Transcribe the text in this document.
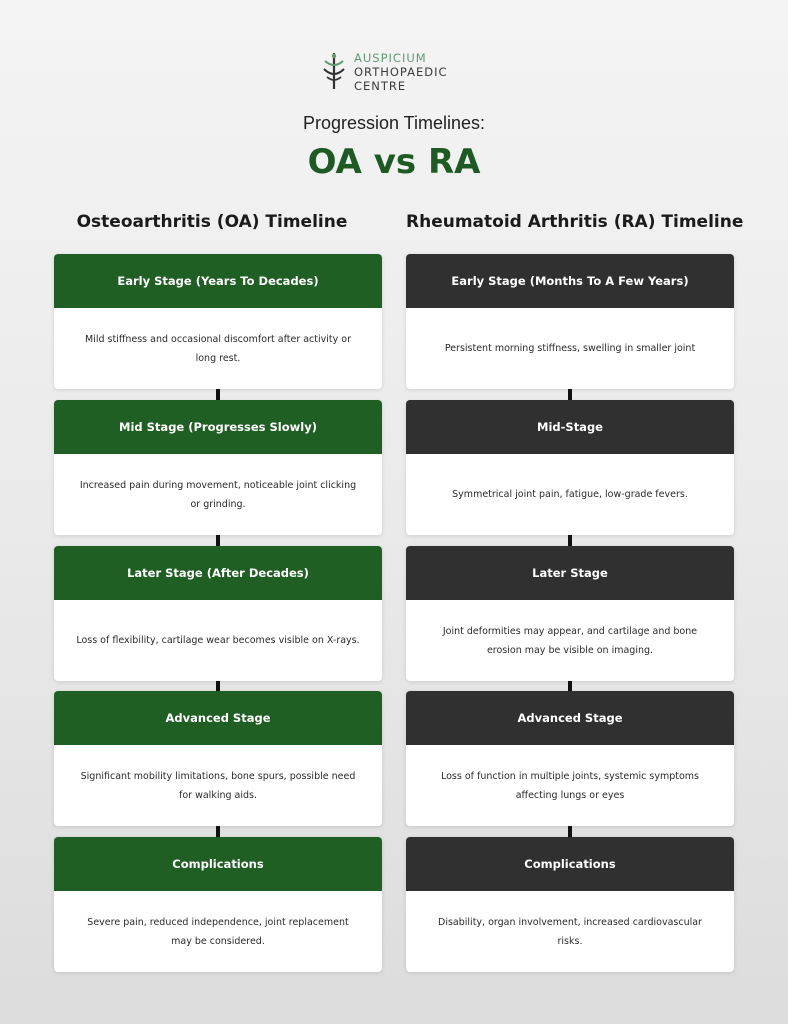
AUSPICIUM
ORTHOPAEDIC
CENTRE
Progression Timelines:
OA vs RA
Osteoarthritis (OA) Timeline
Early Stage (Years To Decades)
Mild stiffness and occasional discomfort after activity or long rest.
Mid Stage (Progresses Slowly)
Increased pain during movement, noticeable joint clicking or grinding.
Later Stage (After Decades)
Loss of flexibility, cartilage wear becomes visible on X-rays.
Advanced Stage
Significant mobility limitations, bone spurs, possible need for walking aids.
Complications
Severe pain, reduced independence, joint replacement may be considered.
Rheumatoid Arthritis (RA) Timeline
Early Stage (Months To A Few Years)
Persistent morning stiffness, swelling in smaller joint
Mid-Stage
Symmetrical joint pain, fatigue, low-grade fevers.
Later Stage
Joint deformities may appear, and cartilage and bone erosion may be visible on imaging.
Advanced Stage
Loss of function in multiple joints, systemic symptoms affecting lungs or eyes
Complications
Disability, organ involvement, increased cardiovascular risks.
